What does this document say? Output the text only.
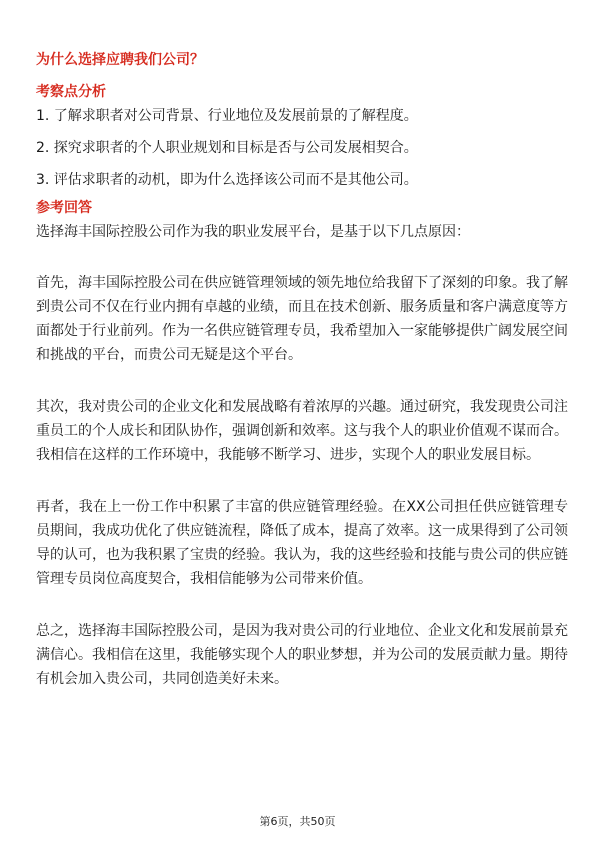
为什么选择应聘我们公司？
考察点分析
1. 了解求职者对公司背景、行业地位及发展前景的了解程度。
2. 探究求职者的个人职业规划和目标是否与公司发展相契合。
3. 评估求职者的动机，即为什么选择该公司而不是其他公司。
参考回答

选择海丰国际控股公司作为我的职业发展平台，是基于以下几点原因：

首先，海丰国际控股公司在供应链管理领域的领先地位给我留下了深刻的印象。我了解到贵公司不仅在行业内拥有卓越的业绩，而且在技术创新、服务质量和客户满意度等方面都处于行业前列。作为一名供应链管理专员，我希望加入一家能够提供广阔发展空间和挑战的平台，而贵公司无疑是这个平台。

其次，我对贵公司的企业文化和发展战略有着浓厚的兴趣。通过研究，我发现贵公司注重员工的个人成长和团队协作，强调创新和效率。这与我个人的职业价值观不谋而合。我相信在这样的工作环境中，我能够不断学习、进步，实现个人的职业发展目标。

再者，我在上一份工作中积累了丰富的供应链管理经验。在XX公司担任供应链管理专员期间，我成功优化了供应链流程，降低了成本，提高了效率。这一成果得到了公司领导的认可，也为我积累了宝贵的经验。我认为，我的这些经验和技能与贵公司的供应链管理专员岗位高度契合，我相信能够为公司带来价值。

总之，选择海丰国际控股公司，是因为我对贵公司的行业地位、企业文化和发展前景充满信心。我相信在这里，我能够实现个人的职业梦想，并为公司的发展贡献力量。期待有机会加入贵公司，共同创造美好未来。

第6页，共50页
